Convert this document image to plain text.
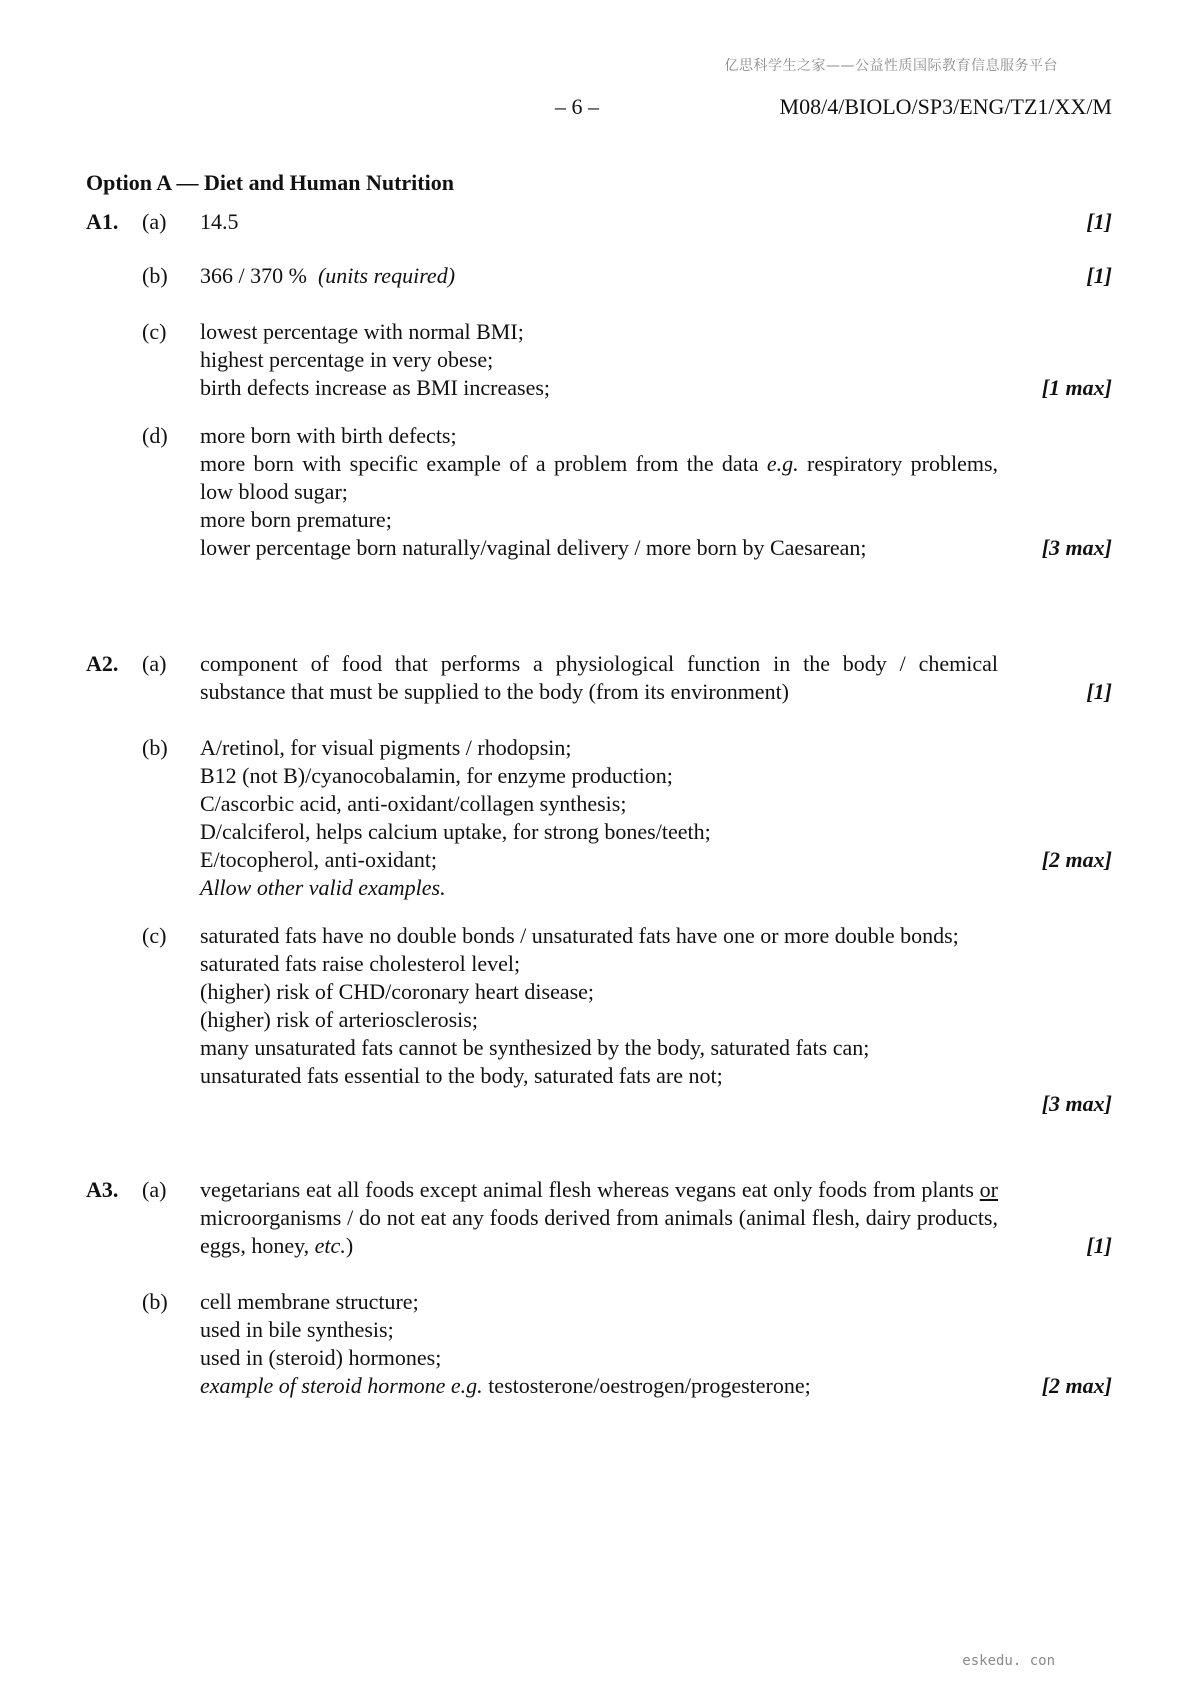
亿思科学生之家——公益性质国际教育信息服务平台
– 6 –	M08/4/BIOLO/SP3/ENG/TZ1/XX/M
Option A — Diet and Human Nutrition
A1. (a) 14.5	[1]
(b) 366 / 370 % (units required)	[1]
(c) lowest percentage with normal BMI;
highest percentage in very obese;
birth defects increase as BMI increases;	[1 max]
(d) more born with birth defects;
more born with specific example of a problem from the data e.g. respiratory problems, low blood sugar;
more born premature;
lower percentage born naturally/vaginal delivery / more born by Caesarean;	[3 max]
A2. (a) component of food that performs a physiological function in the body / chemical substance that must be supplied to the body (from its environment)	[1]
(b) A/retinol, for visual pigments / rhodopsin;
B12 (not B)/cyanocobalamin, for enzyme production;
C/ascorbic acid, anti-oxidant/collagen synthesis;
D/calciferol, helps calcium uptake, for strong bones/teeth;
E/tocopherol, anti-oxidant;
Allow other valid examples.
[2 max]
(c) saturated fats have no double bonds / unsaturated fats have one or more double bonds;
saturated fats raise cholesterol level;
(higher) risk of CHD/coronary heart disease;
(higher) risk of arteriosclerosis;
many unsaturated fats cannot be synthesized by the body, saturated fats can;
unsaturated fats essential to the body, saturated fats are not;
[3 max]
A3. (a) vegetarians eat all foods except animal flesh whereas vegans eat only foods from plants or microorganisms / do not eat any foods derived from animals (animal flesh, dairy products, eggs, honey, etc.)	[1]
(b) cell membrane structure;
used in bile synthesis;
used in (steroid) hormones;
example of steroid hormone e.g. testosterone/oestrogen/progesterone;	[2 max]
eskedu. con
